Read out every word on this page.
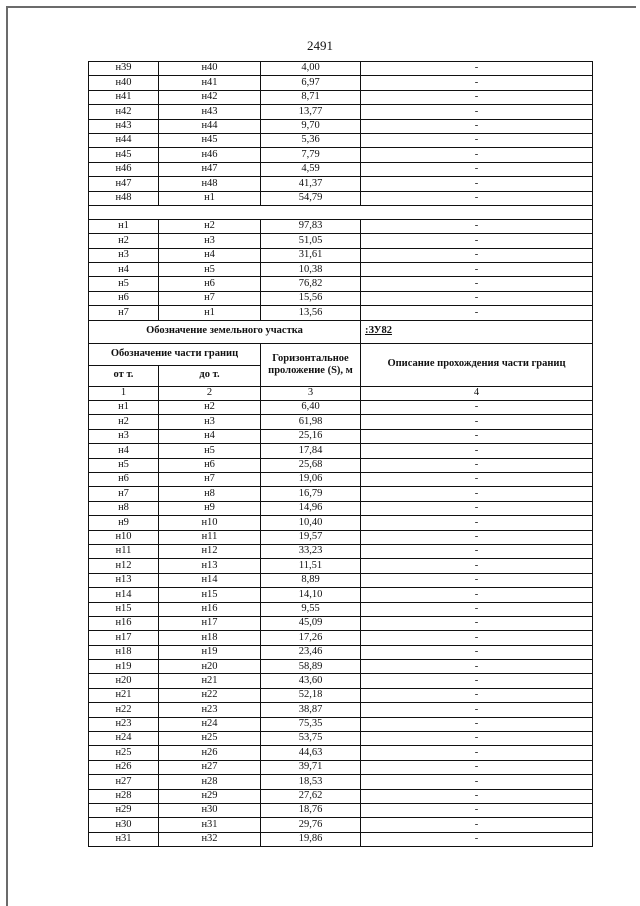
2491
н39	н40	4,00	-
н40	н41	6,97	-
н41	н42	8,71	-
н42	н43	13,77	-
н43	н44	9,70	-
н44	н45	5,36	-
н45	н46	7,79	-
н46	н47	4,59	-
н47	н48	41,37	-
н48	н1	54,79	-

н1	н2	97,83	-
н2	н3	51,05	-
н3	н4	31,61	-
н4	н5	10,38	-
н5	н6	76,82	-
н6	н7	15,56	-
н7	н1	13,56	-
Обозначение земельного участка			:ЗУ82
Обозначение части границ		Горизонтальное проложение (S), м	Описание прохождения части границ
от т.	до т.		
1	2	3	4
н1	н2	6,40	-
н2	н3	61,98	-
н3	н4	25,16	-
н4	н5	17,84	-
н5	н6	25,68	-
н6	н7	19,06	-
н7	н8	16,79	-
н8	н9	14,96	-
н9	н10	10,40	-
н10	н11	19,57	-
н11	н12	33,23	-
н12	н13	11,51	-
н13	н14	8,89	-
н14	н15	14,10	-
н15	н16	9,55	-
н16	н17	45,09	-
н17	н18	17,26	-
н18	н19	23,46	-
н19	н20	58,89	-
н20	н21	43,60	-
н21	н22	52,18	-
н22	н23	38,87	-
н23	н24	75,35	-
н24	н25	53,75	-
н25	н26	44,63	-
н26	н27	39,71	-
н27	н28	18,53	-
н28	н29	27,62	-
н29	н30	18,76	-
н30	н31	29,76	-
н31	н32	19,86	-
